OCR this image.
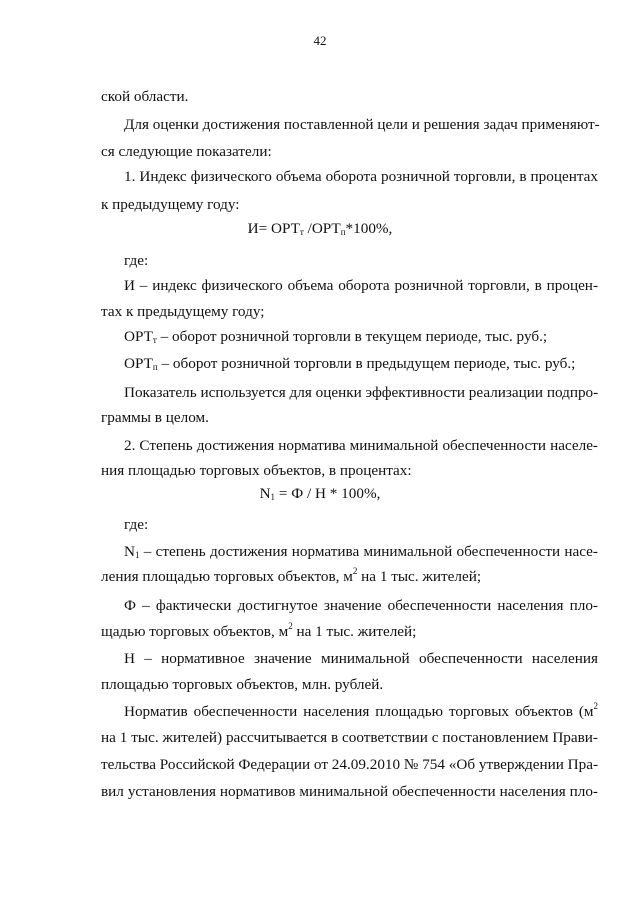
42
ской области.
Для оценки достижения поставленной цели и решения задач применяют-
ся следующие показатели:
1. Индекс физического объема оборота розничной торговли, в процентах
к предыдущему году:
$И= ОРТ_т$ $/ОРТ_п*100\%$,
где:
И – индекс физического объема оборота розничной торговли, в процен-
тах к предыдущему году;
$ОРТ_т$ – оборот розничной торговли в текущем периоде, тыс. руб.;
$ОРТ_п$ – оборот розничной торговли в предыдущем периоде, тыс. руб.;
Показатель используется для оценки эффективности реализации подпро-
граммы в целом.
2. Степень достижения норматива минимальной обеспеченности населе-
ния площадью торговых объектов, в процентах:
$N_1 = Ф / Н * 100\%$,
где:
$N_1$ – степень достижения норматива минимальной обеспеченности насе-
ления площадью торговых объектов, $м^2$ на 1 тыс. жителей;
Ф – фактически достигнутое значение обеспеченности населения пло-
щадью торговых объектов, $м^2$ на 1 тыс. жителей;
Н – нормативное значение минимальной обеспеченности населения
площадью торговых объектов, млн. рублей.
Норматив обеспеченности населения площадью торговых объектов ($м^2$
на 1 тыс. жителей) рассчитывается в соответствии с постановлением Прави-
тельства Российской Федерации от 24.09.2010 № 754 «Об утверждении Пра-
вил установления нормативов минимальной обеспеченности населения пло-
